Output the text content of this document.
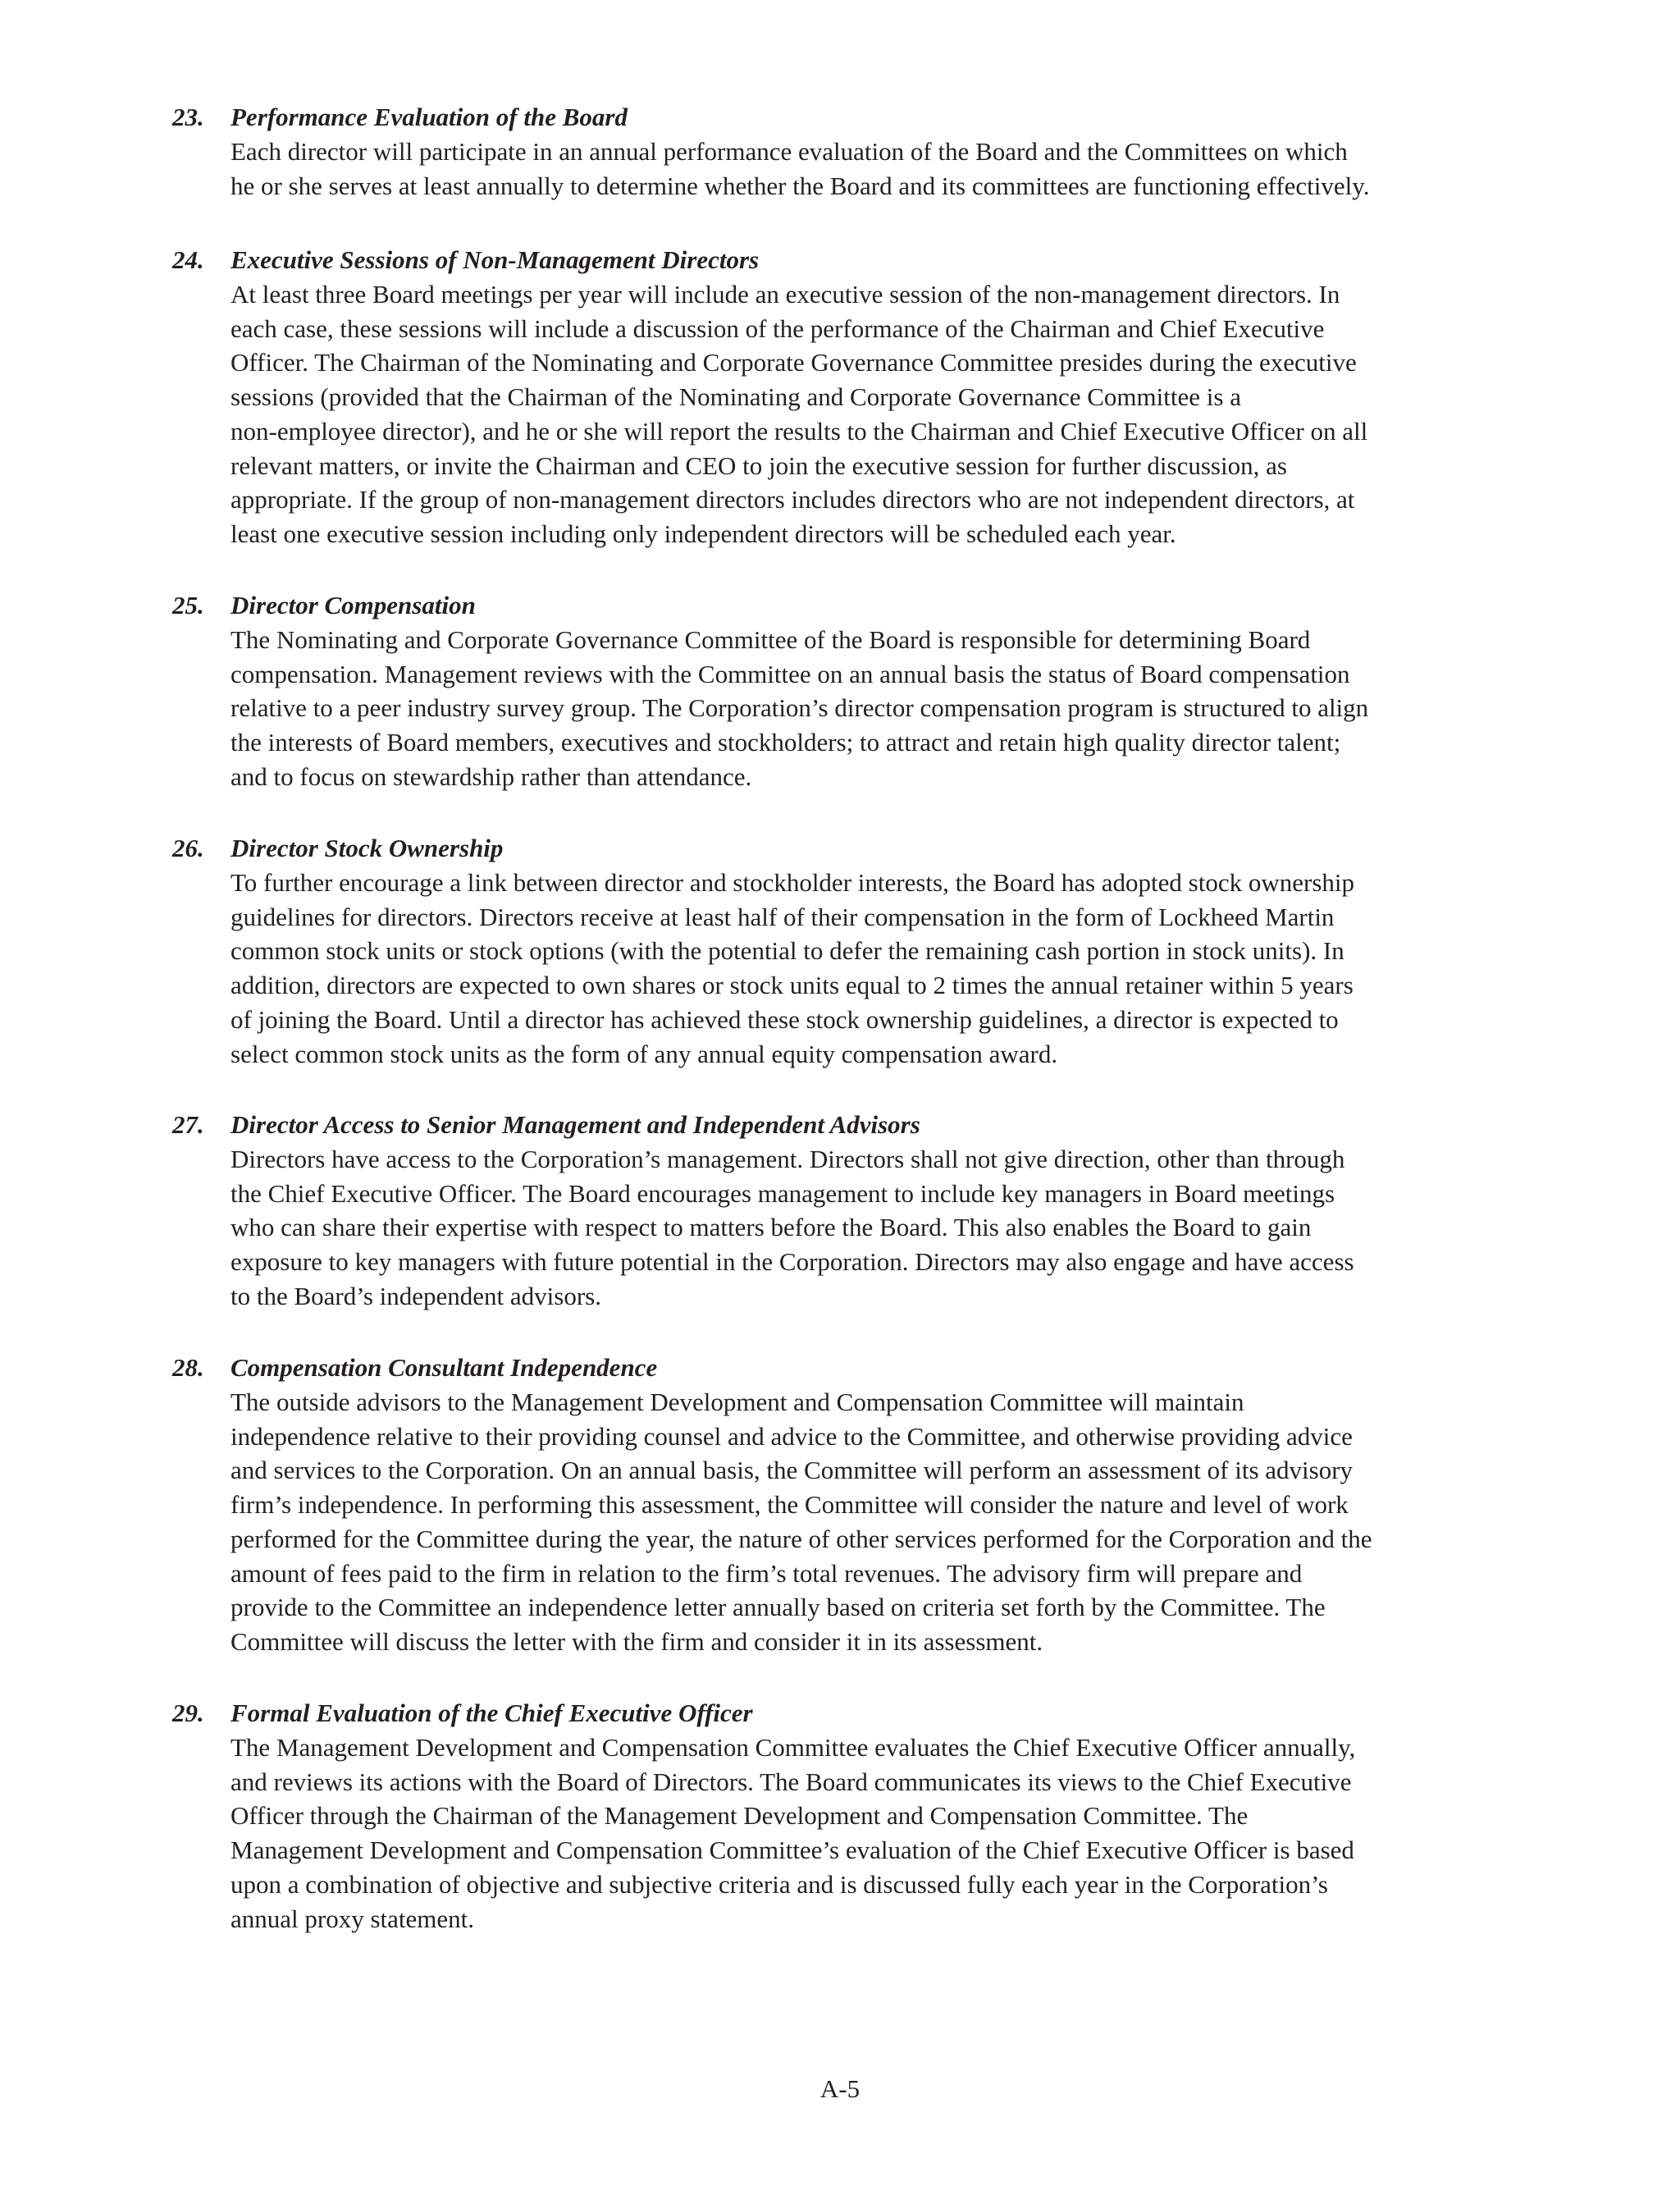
23. Performance Evaluation of the Board
Each director will participate in an annual performance evaluation of the Board and the Committees on which
he or she serves at least annually to determine whether the Board and its committees are functioning effectively.
24. Executive Sessions of Non-Management Directors
At least three Board meetings per year will include an executive session of the non-management directors. In
each case, these sessions will include a discussion of the performance of the Chairman and Chief Executive
Officer. The Chairman of the Nominating and Corporate Governance Committee presides during the executive
sessions (provided that the Chairman of the Nominating and Corporate Governance Committee is a
non-employee director), and he or she will report the results to the Chairman and Chief Executive Officer on all
relevant matters, or invite the Chairman and CEO to join the executive session for further discussion, as
appropriate. If the group of non-management directors includes directors who are not independent directors, at
least one executive session including only independent directors will be scheduled each year.
25. Director Compensation
The Nominating and Corporate Governance Committee of the Board is responsible for determining Board
compensation. Management reviews with the Committee on an annual basis the status of Board compensation
relative to a peer industry survey group. The Corporation’s director compensation program is structured to align
the interests of Board members, executives and stockholders; to attract and retain high quality director talent;
and to focus on stewardship rather than attendance.
26. Director Stock Ownership
To further encourage a link between director and stockholder interests, the Board has adopted stock ownership
guidelines for directors. Directors receive at least half of their compensation in the form of Lockheed Martin
common stock units or stock options (with the potential to defer the remaining cash portion in stock units). In
addition, directors are expected to own shares or stock units equal to 2 times the annual retainer within 5 years
of joining the Board. Until a director has achieved these stock ownership guidelines, a director is expected to
select common stock units as the form of any annual equity compensation award.
27. Director Access to Senior Management and Independent Advisors
Directors have access to the Corporation’s management. Directors shall not give direction, other than through
the Chief Executive Officer. The Board encourages management to include key managers in Board meetings
who can share their expertise with respect to matters before the Board. This also enables the Board to gain
exposure to key managers with future potential in the Corporation. Directors may also engage and have access
to the Board’s independent advisors.
28. Compensation Consultant Independence
The outside advisors to the Management Development and Compensation Committee will maintain
independence relative to their providing counsel and advice to the Committee, and otherwise providing advice
and services to the Corporation. On an annual basis, the Committee will perform an assessment of its advisory
firm’s independence. In performing this assessment, the Committee will consider the nature and level of work
performed for the Committee during the year, the nature of other services performed for the Corporation and the
amount of fees paid to the firm in relation to the firm’s total revenues. The advisory firm will prepare and
provide to the Committee an independence letter annually based on criteria set forth by the Committee. The
Committee will discuss the letter with the firm and consider it in its assessment.
29. Formal Evaluation of the Chief Executive Officer
The Management Development and Compensation Committee evaluates the Chief Executive Officer annually,
and reviews its actions with the Board of Directors. The Board communicates its views to the Chief Executive
Officer through the Chairman of the Management Development and Compensation Committee. The
Management Development and Compensation Committee’s evaluation of the Chief Executive Officer is based
upon a combination of objective and subjective criteria and is discussed fully each year in the Corporation’s
annual proxy statement.
A-5
